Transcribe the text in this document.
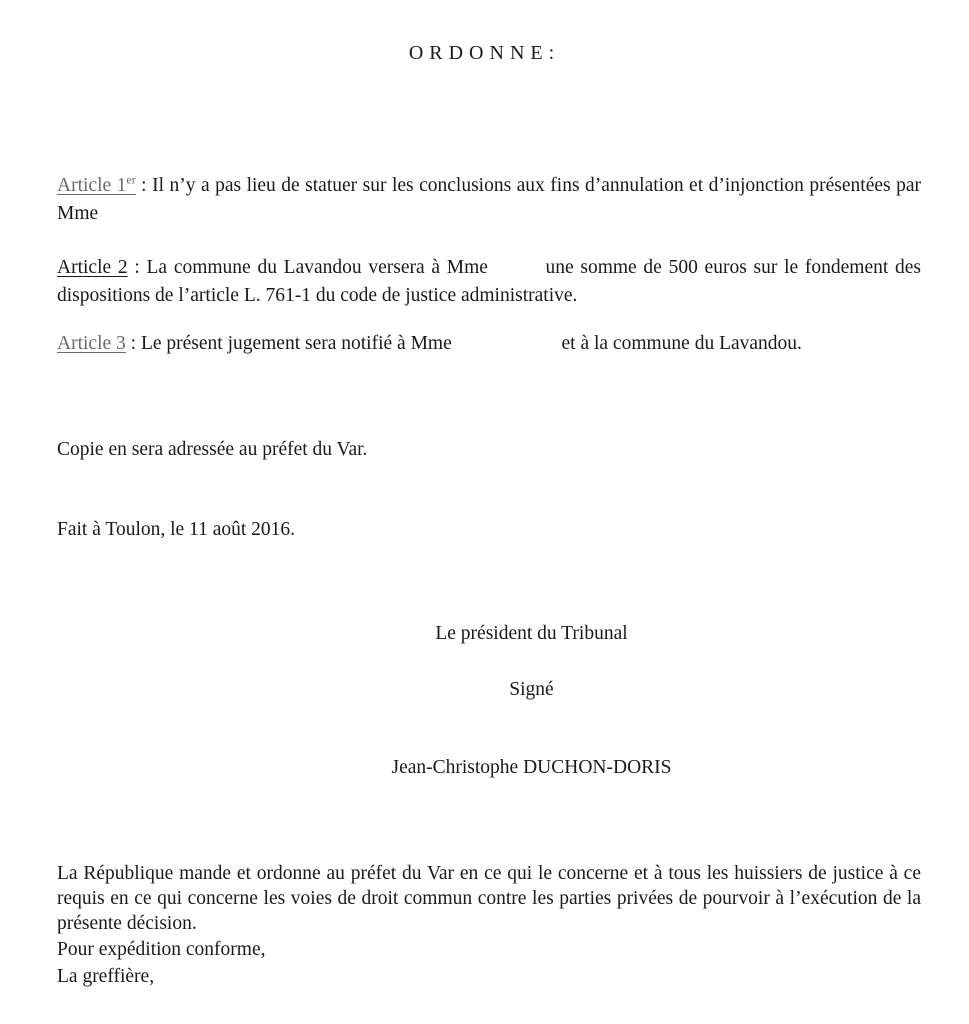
ORDONNE:
Article 1er : Il n’y a pas lieu de statuer sur les conclusions aux fins d’annulation et d’injonction présentées par Mme
Article 2 : La commune du Lavandou versera à Mme	une somme de 500 euros sur le fondement des dispositions de l’article L. 761-1 du code de justice administrative.
Article 3 : Le présent jugement sera notifié à Mme	et à la commune du Lavandou.
Copie en sera adressée au préfet du Var.
Fait à Toulon, le 11 août 2016.
Le président du Tribunal
Signé
Jean-Christophe DUCHON-DORIS
La République mande et ordonne au préfet du Var en ce qui le concerne et à tous les huissiers de justice à ce requis en ce qui concerne les voies de droit commun contre les parties privées de pourvoir à l’exécution de la présente décision.
Pour expédition conforme,
La greffière,
